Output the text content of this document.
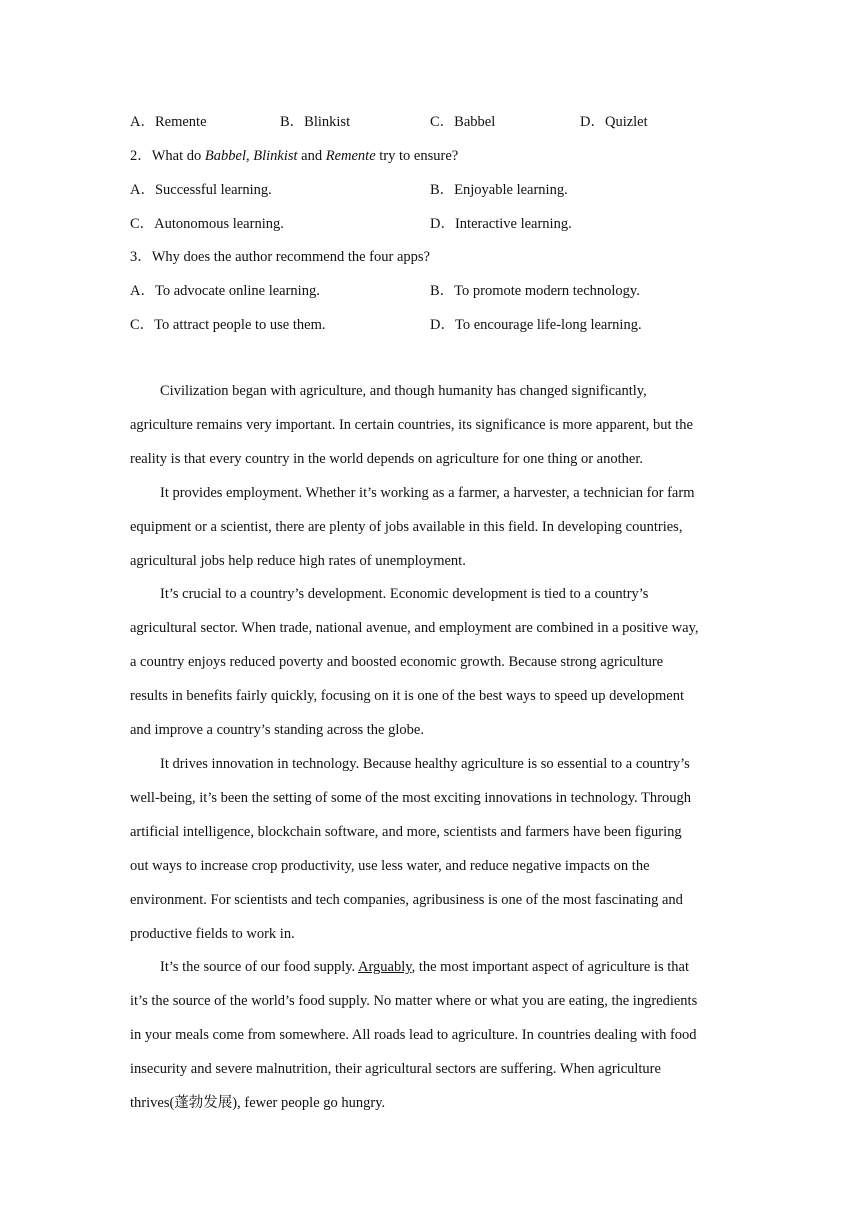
A．Remente	B．Blinkist	C．Babbel	D．Quizlet
2．What do Babbel, Blinkist and Remente try to ensure?
A．Successful learning.	B．Enjoyable learning.
C．Autonomous learning.	D．Interactive learning.
3．Why does the author recommend the four apps?
A．To advocate online learning.	B．To promote modern technology.
C．To attract people to use them.	D．To encourage life-long learning.

Civilization began with agriculture, and though humanity has changed significantly,

agriculture remains very important. In certain countries, its significance is more apparent, but the

reality is that every country in the world depends on agriculture for one thing or another.

It provides employment. Whether it’s working as a farmer, a harvester, a technician for farm

equipment or a scientist, there are plenty of jobs available in this field. In developing countries,

agricultural jobs help reduce high rates of unemployment.

It’s crucial to a country’s development. Economic development is tied to a country’s

agricultural sector. When trade, national avenue, and employment are combined in a positive way,

a country enjoys reduced poverty and boosted economic growth. Because strong agriculture

results in benefits fairly quickly, focusing on it is one of the best ways to speed up development

and improve a country’s standing across the globe.

It drives innovation in technology. Because healthy agriculture is so essential to a country’s

well-being, it’s been the setting of some of the most exciting innovations in technology. Through

artificial intelligence, blockchain software, and more, scientists and farmers have been figuring

out ways to increase crop productivity, use less water, and reduce negative impacts on the

environment. For scientists and tech companies, agribusiness is one of the most fascinating and

productive fields to work in.

It’s the source of our food supply. Arguably, the most important aspect of agriculture is that

it’s the source of the world’s food supply. No matter where or what you are eating, the ingredients

in your meals come from somewhere. All roads lead to agriculture. In countries dealing with food

insecurity and severe malnutrition, their agricultural sectors are suffering. When agriculture

thrives(蓬勃发展), fewer people go hungry.
